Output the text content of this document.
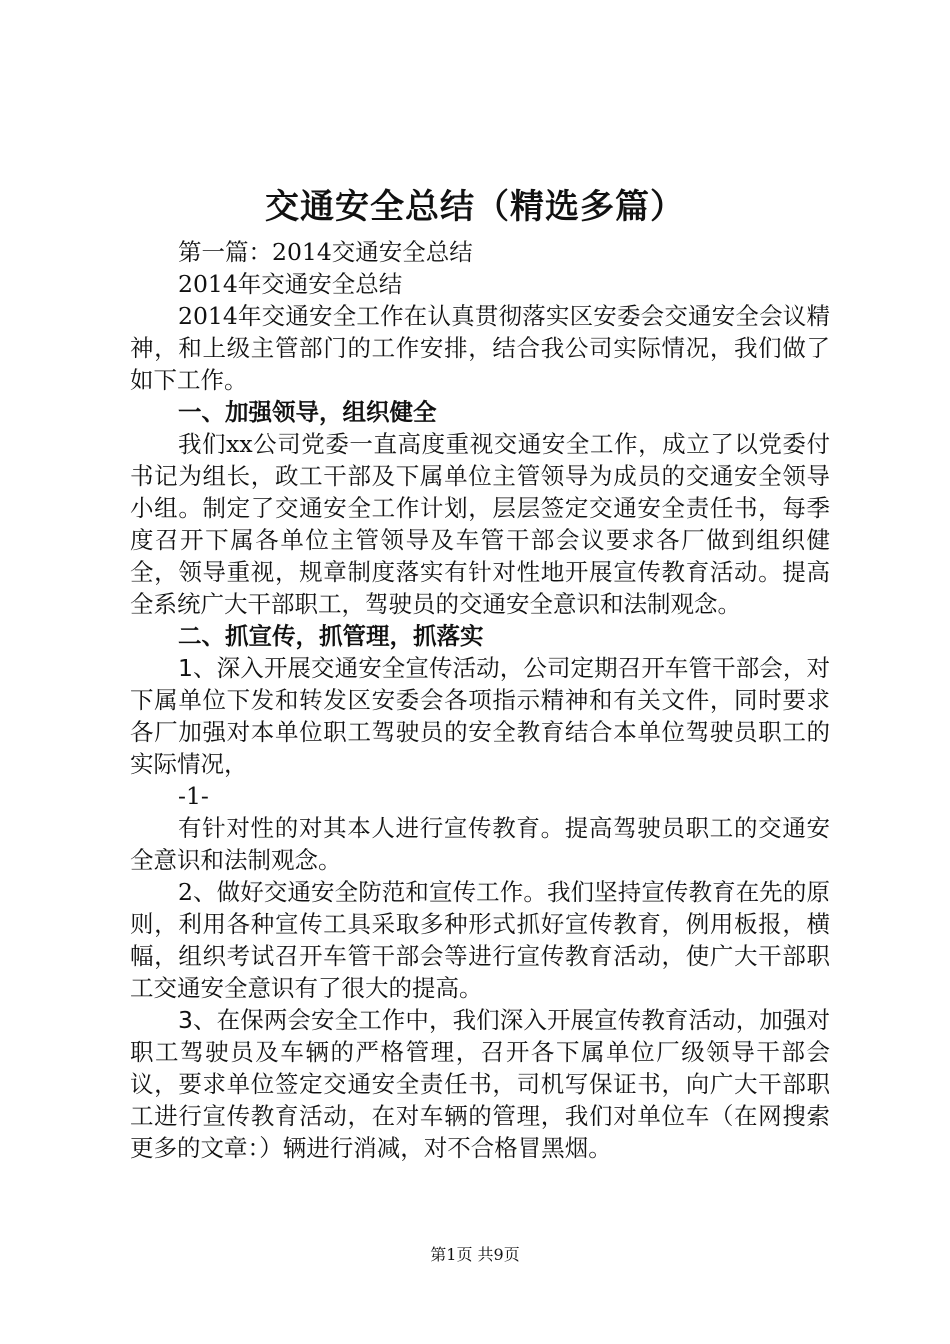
交通安全总结（精选多篇）

第一篇：2014交通安全总结

2014年交通安全总结

2014年交通安全工作在认真贯彻落实区安委会交通安全会议精神，和上级主管部门的工作安排，结合我公司实际情况，我们做了如下工作。

一、加强领导，组织健全

我们xx公司党委一直高度重视交通安全工作，成立了以党委付书记为组长，政工干部及下属单位主管领导为成员的交通安全领导小组。制定了交通安全工作计划，层层签定交通安全责任书，每季度召开下属各单位主管领导及车管干部会议要求各厂做到组织健全，领导重视，规章制度落实有针对性地开展宣传教育活动。提高全系统广大干部职工，驾驶员的交通安全意识和法制观念。

二、抓宣传，抓管理，抓落实

1、深入开展交通安全宣传活动，公司定期召开车管干部会，对下属单位下发和转发区安委会各项指示精神和有关文件，同时要求各厂加强对本单位职工驾驶员的安全教育结合本单位驾驶员职工的实际情况，

-1-

有针对性的对其本人进行宣传教育。提高驾驶员职工的交通安全意识和法制观念。

2、做好交通安全防范和宣传工作。我们坚持宣传教育在先的原则，利用各种宣传工具采取多种形式抓好宣传教育，例用板报，横幅，组织考试召开车管干部会等进行宣传教育活动，使广大干部职工交通安全意识有了很大的提高。

3、在保两会安全工作中，我们深入开展宣传教育活动，加强对职工驾驶员及车辆的严格管理，召开各下属单位厂级领导干部会议，要求单位签定交通安全责任书，司机写保证书，向广大干部职工进行宣传教育活动，在对车辆的管理，我们对单位车（在网搜索更多的文章：）辆进行消减，对不合格冒黑烟。

第1页 共9页
